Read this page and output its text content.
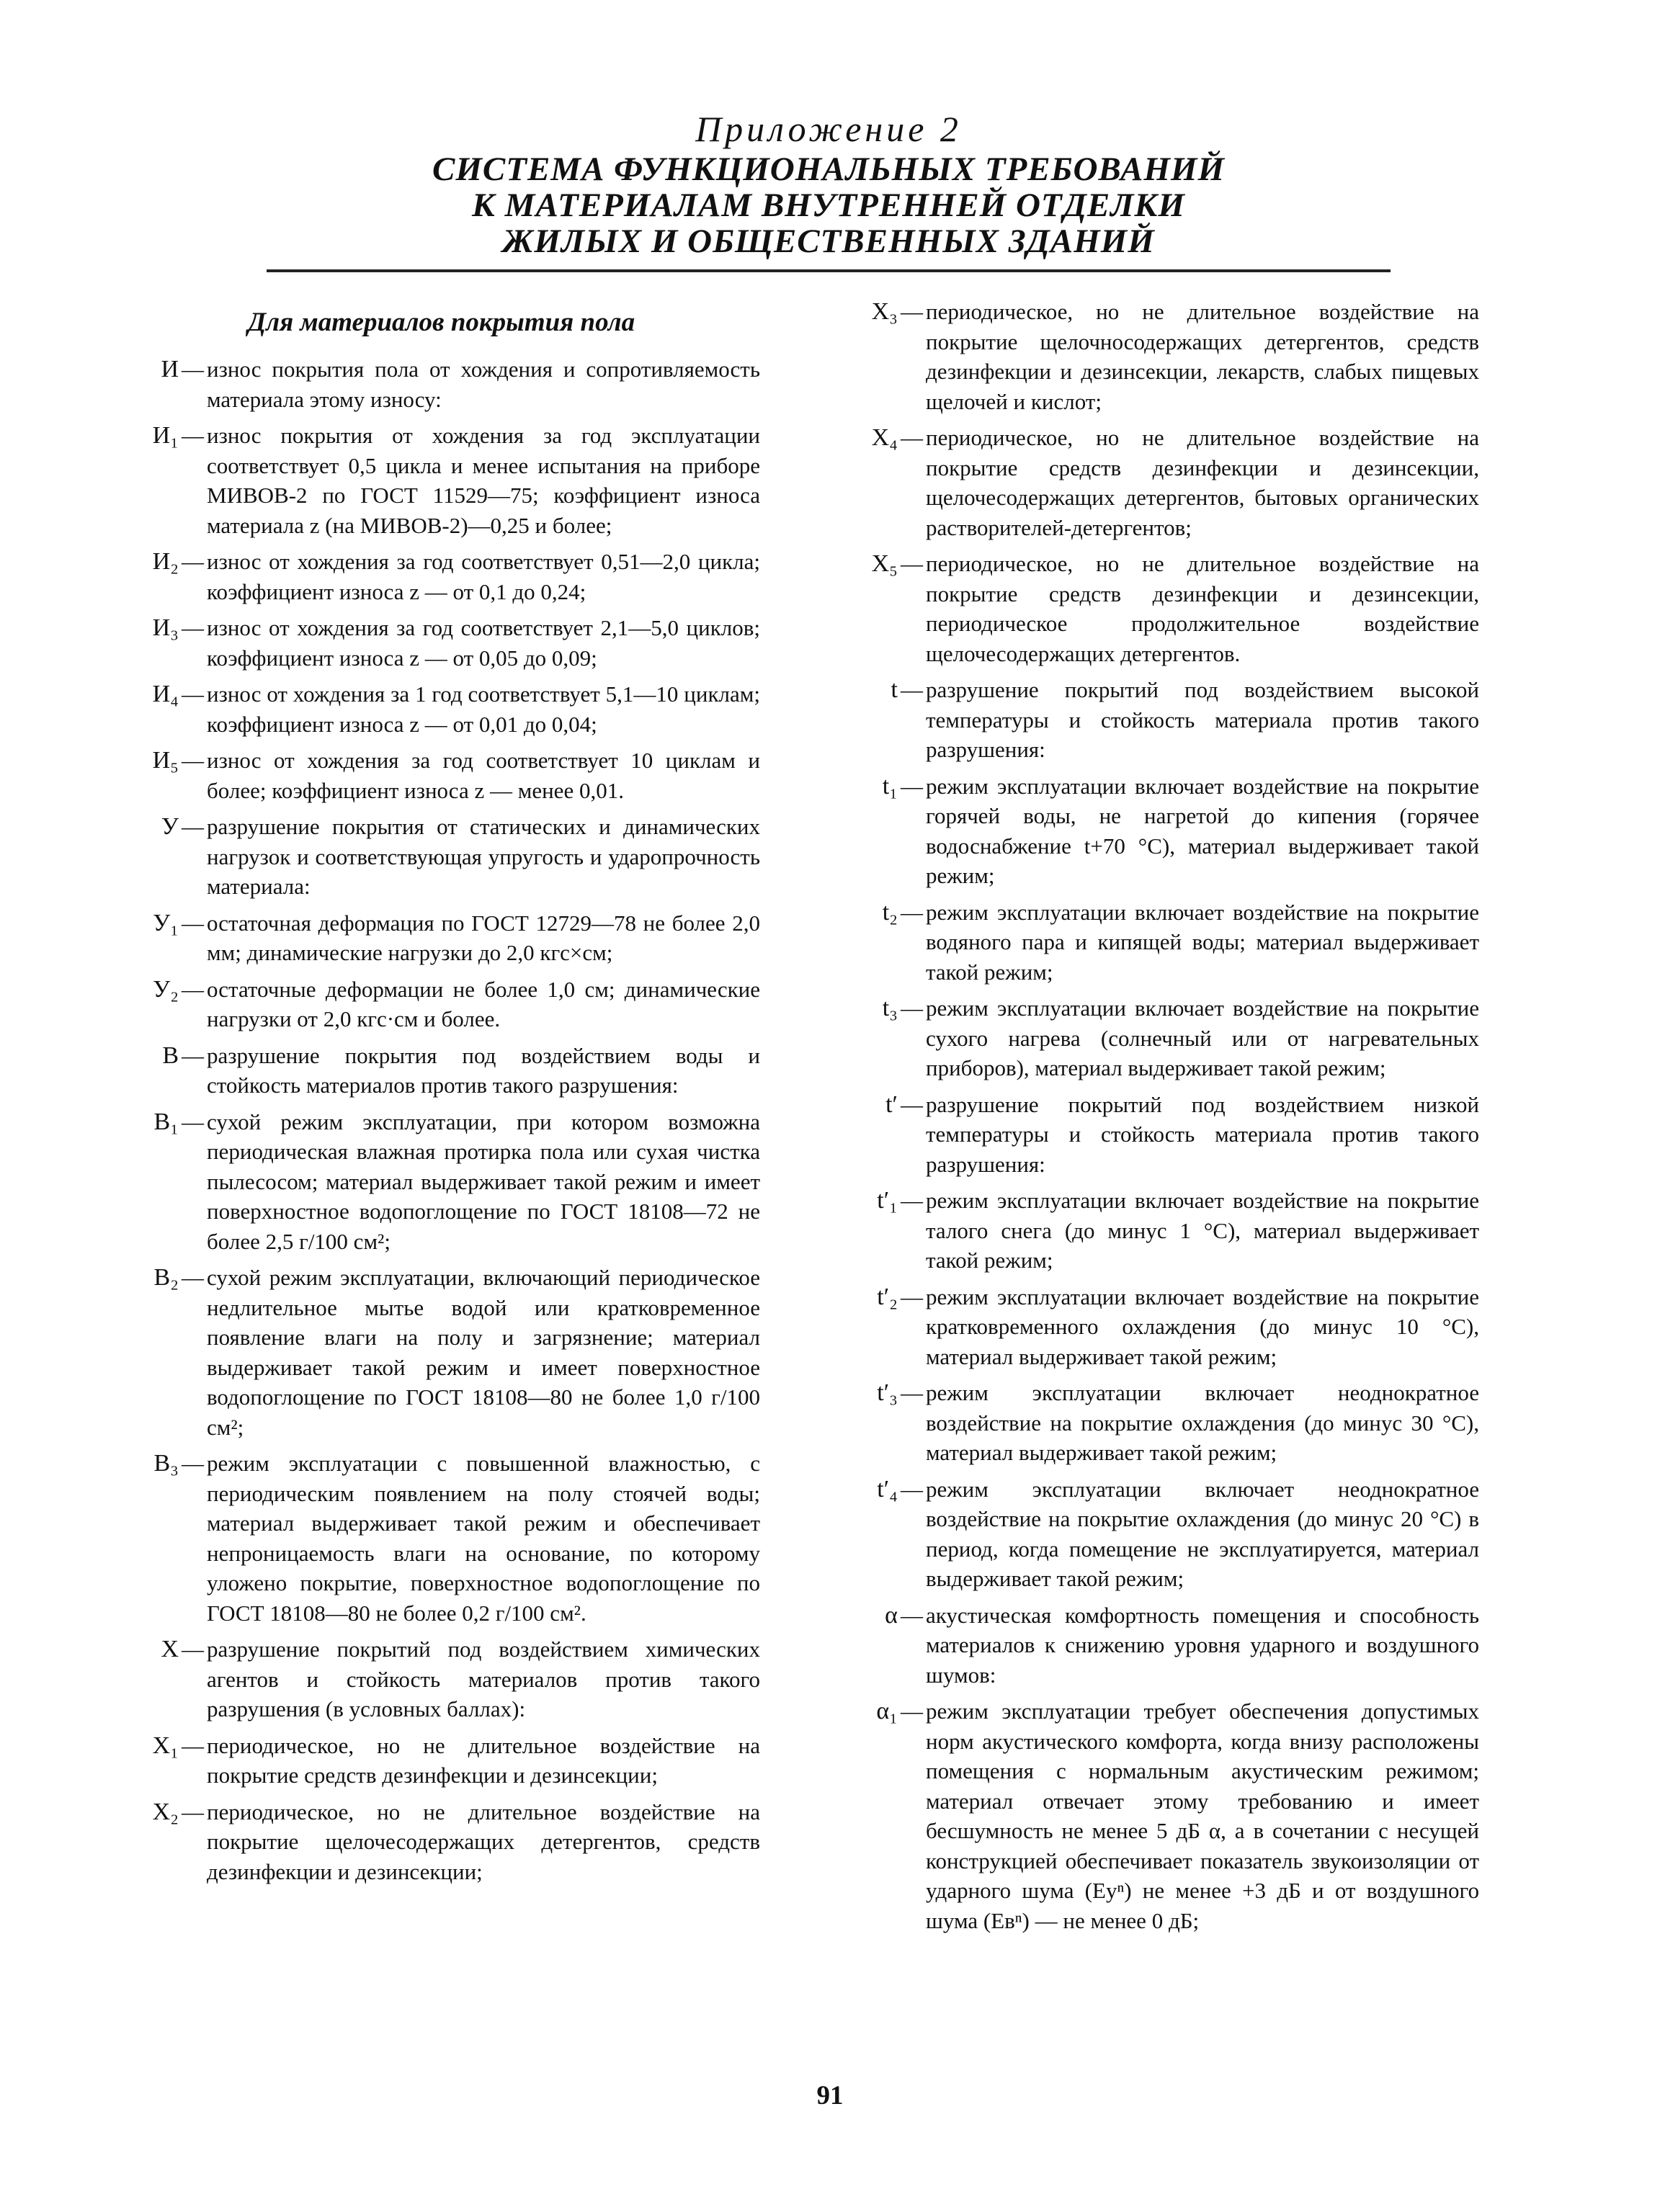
Приложение 2
СИСТЕМА ФУНКЦИОНАЛЬНЫХ ТРЕБОВАНИЙ
К МАТЕРИАЛАМ ВНУТРЕННЕЙ ОТДЕЛКИ
ЖИЛЫХ И ОБЩЕСТВЕННЫХ ЗДАНИЙ
Для материалов покрытия пола
И — износ покрытия пола от хождения и сопротивляемость материала этому износу:
И₁ — износ покрытия от хождения за год эксплуатации соответствует 0,5 цикла и менее испытания на приборе МИВОВ-2 по ГОСТ 11529—75; коэффициент износа материала z (на МИВОВ-2)—0,25 и более;
И₂ — износ от хождения за год соответствует 0,51—2,0 цикла; коэффициент износа z — от 0,1 до 0,24;
И₃ — износ от хождения за год соответствует 2,1—5,0 циклов; коэффициент износа z — от 0,05 до 0,09;
И₄ — износ от хождения за 1 год соответствует 5,1—10 циклам; коэффициент износа z — от 0,01 до 0,04;
И₅ — износ от хождения за год соответствует 10 циклам и более; коэффициент износа z — менее 0,01.
У — разрушение покрытия от статических и динамических нагрузок и соответствующая упругость и ударопрочность материала:
У₁ — остаточная деформация по ГОСТ 12729—78 не более 2,0 мм; динамические нагрузки до 2,0 кгс×см;
У₂ — остаточные деформации не более 1,0 см; динамические нагрузки от 2,0 кгс·см и более.
В — разрушение покрытия под воздействием воды и стойкость материалов против такого разрушения:
В₁ — сухой режим эксплуатации, при котором возможна периодическая влажная протирка пола или сухая чистка пылесосом; материал выдерживает такой режим и имеет поверхностное водопоглощение по ГОСТ 18108—72 не более 2,5 г/100 см²;
В₂ — сухой режим эксплуатации, включающий периодическое недлительное мытье водой или кратковременное появление влаги на полу и загрязнение; материал выдерживает такой режим и имеет поверхностное водопоглощение по ГОСТ 18108—80 не более 1,0 г/100 см²;
В₃ — режим эксплуатации с повышенной влажностью, с периодическим появлением на полу стоячей воды; материал выдерживает такой режим и обеспечивает непроницаемость влаги на основание, по которому уложено покрытие, поверхностное водопоглощение по ГОСТ 18108—80 не более 0,2 г/100 см².
Х — разрушение покрытий под воздействием химических агентов и стойкость материалов против такого разрушения (в условных баллах):
Х₁ — периодическое, но не длительное воздействие на покрытие средств дезинфекции и дезинсекции;
Х₂ — периодическое, но не длительное воздействие на покрытие щелочесодержащих детергентов, средств дезинфекции и дезинсекции;
Х₃ — периодическое, но не длительное воздействие на покрытие щелочносодержащих детергентов, средств дезинфекции и дезинсекции, лекарств, слабых пищевых щелочей и кислот;
Х₄ — периодическое, но не длительное воздействие на покрытие средств дезинфекции и дезинсекции, щелочесодержащих детергентов, бытовых органических растворителей-детергентов;
Х₅ — периодическое, но не длительное воздействие на покрытие средств дезинфекции и дезинсекции, периодическое продолжительное воздействие щелочесодержащих детергентов.
t — разрушение покрытий под воздействием высокой температуры и стойкость материала против такого разрушения:
t₁ — режим эксплуатации включает воздействие на покрытие горячей воды, не нагретой до кипения (горячее водоснабжение t+70 °С), материал выдерживает такой режим;
t₂ — режим эксплуатации включает воздействие на покрытие водяного пара и кипящей воды; материал выдерживает такой режим;
t₃ — режим эксплуатации включает воздействие на покрытие сухого нагрева (солнечный или от нагревательных приборов), материал выдерживает такой режим;
t′ — разрушение покрытий под воздействием низкой температуры и стойкость материала против такого разрушения:
t′₁ — режим эксплуатации включает воздействие на покрытие талого снега (до минус 1 °С), материал выдерживает такой режим;
t′₂ — режим эксплуатации включает воздействие на покрытие кратковременного охлаждения (до минус 10 °С), материал выдерживает такой режим;
t′₃ — режим эксплуатации включает неоднократное воздействие на покрытие охлаждения (до минус 30 °С), материал выдерживает такой режим;
t′₄ — режим эксплуатации включает неоднократное воздействие на покрытие охлаждения (до минус 20 °С) в период, когда помещение не эксплуатируется, материал выдерживает такой режим;
α — акустическая комфортность помещения и способность материалов к снижению уровня ударного и воздушного шумов:
α₁ — режим эксплуатации требует обеспечения допустимых норм акустического комфорта, когда внизу расположены помещения с нормальным акустическим режимом; материал отвечает этому требованию и имеет бесшумность не менее 5 дБ α, а в сочетании с несущей конструкцией обеспечивает показатель звукоизоляции от ударного шума (Еуⁿ) не менее +3 дБ и от воздушного шума (Евⁿ) — не менее 0 дБ;
91
